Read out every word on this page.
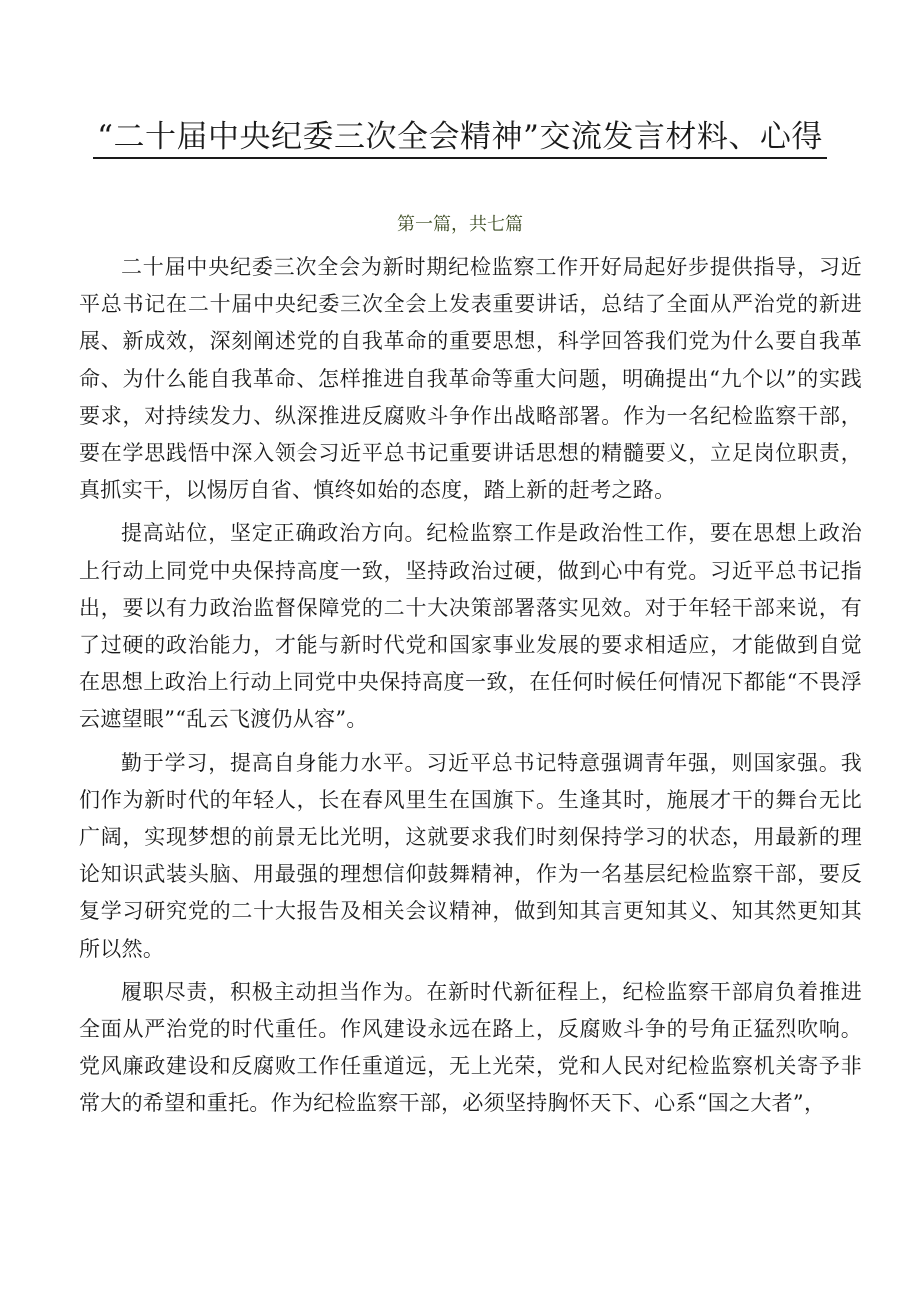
“二十届中央纪委三次全会精神”交流发言材料、心得

第一篇，共七篇

二十届中央纪委三次全会为新时期纪检监察工作开好局起好步提供指导，习近平总书记在二十届中央纪委三次全会上发表重要讲话，总结了全面从严治党的新进展、新成效，深刻阐述党的自我革命的重要思想，科学回答我们党为什么要自我革命、为什么能自我革命、怎样推进自我革命等重大问题，明确提出“九个以”的实践要求，对持续发力、纵深推进反腐败斗争作出战略部署。作为一名纪检监察干部，要在学思践悟中深入领会习近平总书记重要讲话思想的精髓要义，立足岗位职责，真抓实干，以惕厉自省、慎终如始的态度，踏上新的赶考之路。

提高站位，坚定正确政治方向。纪检监察工作是政治性工作，要在思想上政治上行动上同党中央保持高度一致，坚持政治过硬，做到心中有党。习近平总书记指出，要以有力政治监督保障党的二十大决策部署落实见效。对于年轻干部来说，有了过硬的政治能力，才能与新时代党和国家事业发展的要求相适应，才能做到自觉在思想上政治上行动上同党中央保持高度一致，在任何时候任何情况下都能“不畏浮云遮望眼”“乱云飞渡仍从容”。

勤于学习，提高自身能力水平。习近平总书记特意强调青年强，则国家强。我们作为新时代的年轻人，长在春风里生在国旗下。生逢其时，施展才干的舞台无比广阔，实现梦想的前景无比光明，这就要求我们时刻保持学习的状态，用最新的理论知识武装头脑、用最强的理想信仰鼓舞精神，作为一名基层纪检监察干部，要反复学习研究党的二十大报告及相关会议精神，做到知其言更知其义、知其然更知其所以然。

履职尽责，积极主动担当作为。在新时代新征程上，纪检监察干部肩负着推进全面从严治党的时代重任。作风建设永远在路上，反腐败斗争的号角正猛烈吹响。党风廉政建设和反腐败工作任重道远，无上光荣，党和人民对纪检监察机关寄予非常大的希望和重托。作为纪检监察干部，必须坚持胸怀天下、心系“国之大者”，
